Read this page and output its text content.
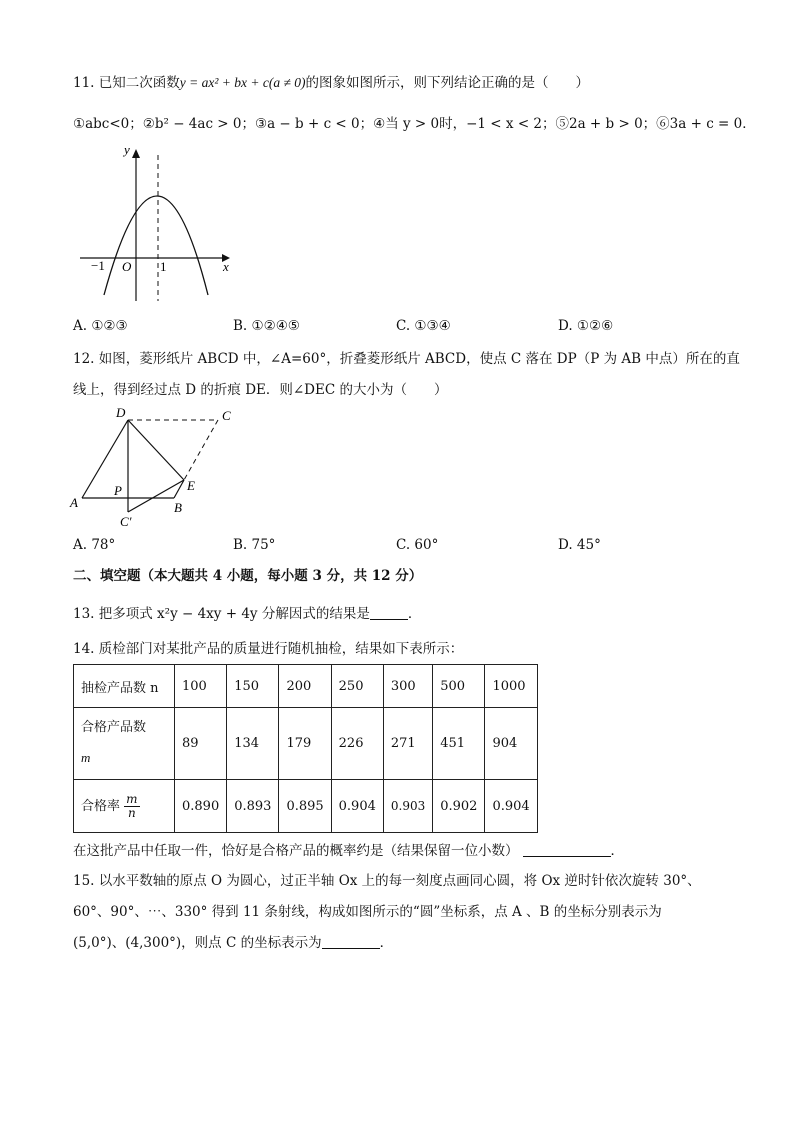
11. 已知二次函数y = ax² + bx + c(a ≠ 0)的图象如图所示，则下列结论正确的是（　　）
①abc<0；②b² − 4ac > 0；③a − b + c < 0；④当 y > 0时，−1 < x < 2；⑤2a + b > 0；⑥3a + c = 0．
y
x
O
−1	1
A. ①②③	B. ①②④⑤	C. ①③④	D. ①②⑥
12. 如图，菱形纸片 ABCD 中，∠A=60°，折叠菱形纸片 ABCD，使点 C 落在 DP（P 为 AB 中点）所在的直
线上，得到经过点 D 的折痕 DE．则∠DEC 的大小为（　　）
D	C
A	B
P	E
C′
A. 78°	B. 75°	C. 60°	D. 45°
二、填空题（本大题共 4 小题，每小题 3 分，共 12 分）
13. 把多项式 x²y − 4xy + 4y 分解因式的结果是	．
14. 质检部门对某批产品的质量进行随机抽检，结果如下表所示：
抽检产品数 n	100	150	200	250	300	500	1000
合格产品数
m	89	134	179	226	271	451	904
合格率 $\frac{m}{n}$	0.890	0.893	0.895	0.904	0.903	0.902	0.904
在这批产品中任取一件，恰好是合格产品的概率约是（结果保留一位小数）	．
15. 以水平数轴的原点 O 为圆心，过正半轴 Ox 上的每一刻度点画同心圆，将 Ox 逆时针依次旋转 30°、
60°、90°、⋯、330° 得到 11 条射线，构成如图所示的“圆”坐标系，点 A 、B 的坐标分别表示为
(5,0°)、(4,300°)，则点 C 的坐标表示为	．
